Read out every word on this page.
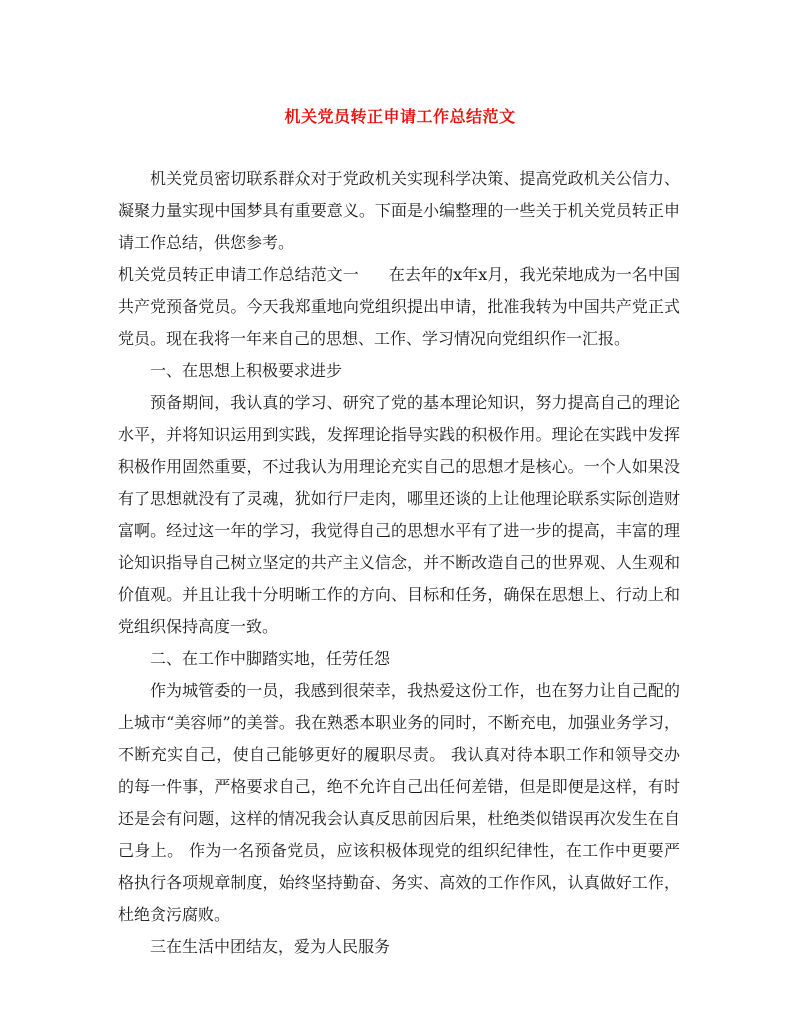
机关党员转正申请工作总结范文

机关党员密切联系群众对于党政机关实现科学决策、提高党政机关公信力、凝聚力量实现中国梦具有重要意义。下面是小编整理的一些关于机关党员转正申请工作总结，供您参考。

机关党员转正申请工作总结范文一 在去年的x年x月，我光荣地成为一名中国共产党预备党员。今天我郑重地向党组织提出申请，批准我转为中国共产党正式党员。现在我将一年来自己的思想、工作、学习情况向党组织作一汇报。

一、在思想上积极要求进步

预备期间，我认真的学习、研究了党的基本理论知识，努力提高自己的理论水平，并将知识运用到实践，发挥理论指导实践的积极作用。理论在实践中发挥积极作用固然重要，不过我认为用理论充实自己的思想才是核心。一个人如果没有了思想就没有了灵魂，犹如行尸走肉，哪里还谈的上让他理论联系实际创造财富啊。经过这一年的学习，我觉得自己的思想水平有了进一步的提高，丰富的理论知识指导自己树立坚定的共产主义信念，并不断改造自己的世界观、人生观和价值观。并且让我十分明晰工作的方向、目标和任务，确保在思想上、行动上和党组织保持高度一致。

二、在工作中脚踏实地，任劳任怨

作为城管委的一员，我感到很荣幸，我热爱这份工作，也在努力让自己配的上城市“美容师”的美誉。我在熟悉本职业务的同时，不断充电，加强业务学习，不断充实自己，使自己能够更好的履职尽责。 我认真对待本职工作和领导交办的每一件事，严格要求自己，绝不允许自己出任何差错，但是即便是这样，有时还是会有问题，这样的情况我会认真反思前因后果，杜绝类似错误再次发生在自己身上。 作为一名预备党员，应该积极体现党的组织纪律性，在工作中更要严格执行各项规章制度，始终坚持勤奋、务实、高效的工作作风，认真做好工作，杜绝贪污腐败。

三在生活中团结友，爱为人民服务
